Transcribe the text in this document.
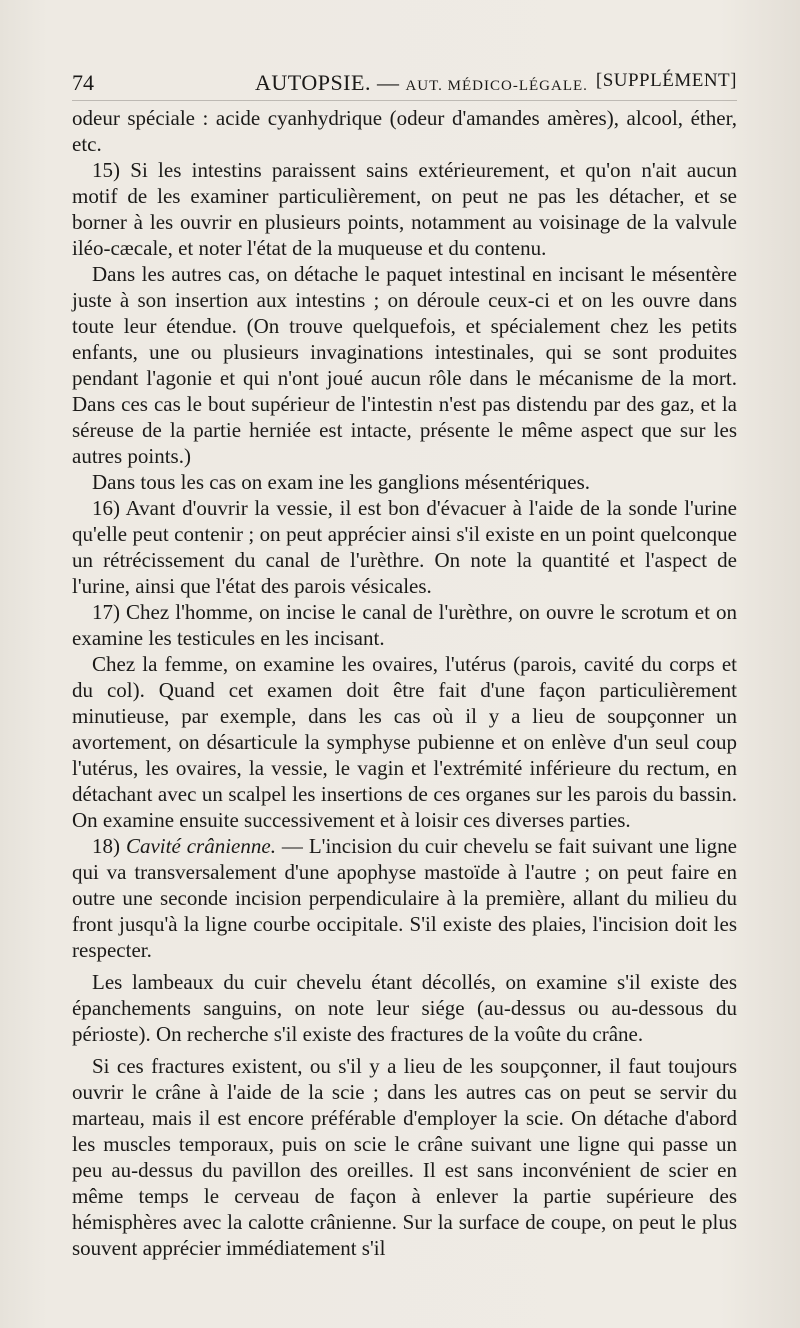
74	AUTOPSIE. — AUT. MÉDICO-LÉGALE. [SUPPLÉMENT]

odeur spéciale : acide cyanhydrique (odeur d'amandes amères), alcool, éther, etc.

15) Si les intestins paraissent sains extérieurement, et qu'on n'ait aucun motif de les examiner particulièrement, on peut ne pas les détacher, et se borner à les ouvrir en plusieurs points, notamment au voisinage de la valvule iléo-cæcale, et noter l'état de la muqueuse et du contenu.

Dans les autres cas, on détache le paquet intestinal en incisant le mésentère juste à son insertion aux intestins ; on déroule ceux-ci et on les ouvre dans toute leur étendue. (On trouve quelquefois, et spécialement chez les petits enfants, une ou plusieurs invaginations intestinales, qui se sont produites pendant l'agonie et qui n'ont joué aucun rôle dans le mécanisme de la mort. Dans ces cas le bout supérieur de l'intestin n'est pas distendu par des gaz, et la séreuse de la partie herniée est intacte, présente le même aspect que sur les autres points.)

Dans tous les cas on exam ine les ganglions mésentériques.

16) Avant d'ouvrir la vessie, il est bon d'évacuer à l'aide de la sonde l'urine qu'elle peut contenir ; on peut apprécier ainsi s'il existe en un point quelconque un rétrécissement du canal de l'urèthre. On note la quantité et l'aspect de l'urine, ainsi que l'état des parois vésicales.

17) Chez l'homme, on incise le canal de l'urèthre, on ouvre le scrotum et on examine les testicules en les incisant.

Chez la femme, on examine les ovaires, l'utérus (parois, cavité du corps et du col). Quand cet examen doit être fait d'une façon particulièrement minutieuse, par exemple, dans les cas où il y a lieu de soupçonner un avortement, on désarticule la symphyse pubienne et on enlève d'un seul coup l'utérus, les ovaires, la vessie, le vagin et l'extrémité inférieure du rectum, en détachant avec un scalpel les insertions de ces organes sur les parois du bassin. On examine ensuite successivement et à loisir ces diverses parties.

18) Cavité crânienne. — L'incision du cuir chevelu se fait suivant une ligne qui va transversalement d'une apophyse mastoïde à l'autre ; on peut faire en outre une seconde incision perpendiculaire à la première, allant du milieu du front jusqu'à la ligne courbe occipitale. S'il existe des plaies, l'incision doit les respecter.

Les lambeaux du cuir chevelu étant décollés, on examine s'il existe des épanchements sanguins, on note leur siége (au-dessus ou au-dessous du périoste). On recherche s'il existe des fractures de la voûte du crâne.

Si ces fractures existent, ou s'il y a lieu de les soupçonner, il faut toujours ouvrir le crâne à l'aide de la scie ; dans les autres cas on peut se servir du marteau, mais il est encore préférable d'employer la scie. On détache d'abord les muscles temporaux, puis on scie le crâne suivant une ligne qui passe un peu au-dessus du pavillon des oreilles. Il est sans inconvénient de scier en même temps le cerveau de façon à enlever la partie supérieure des hémisphères avec la calotte crânienne. Sur la surface de coupe, on peut le plus souvent apprécier immédiatement s'il
